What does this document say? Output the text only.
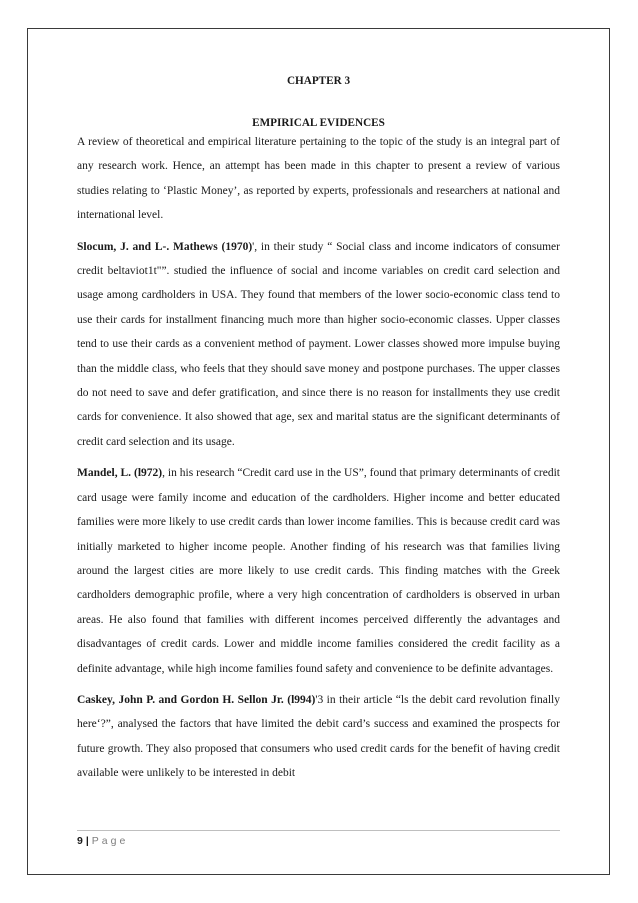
CHAPTER 3

EMPIRICAL EVIDENCES

A review of theoretical and empirical literature pertaining to the topic of the study is an integral part of any research work. Hence, an attempt has been made in this chapter to present a review of various studies relating to ‘Plastic Money’, as reported by experts, professionals and researchers at national and international level.

Slocum, J. and L-. Mathews (1970)', in their study “ Social class and income indicators of consumer credit beltaviot1t"”. studied the influence of social and income variables on credit card selection and usage among cardholders in USA. They found that members of the lower socio-economic class tend to use their cards for installment financing much more than higher socio-economic classes. Upper classes tend to use their cards as a convenient method of payment. Lower classes showed more impulse buying than the middle class, who feels that they should save money and postpone purchases. The upper classes do not need to save and defer gratification, and since there is no reason for installments they use credit cards for convenience. It also showed that age, sex and marital status are the significant determinants of credit card selection and its usage.

Mandel, L. (l972), in his research “Credit card use in the US”, found that primary determinants of credit card usage were family income and education of the cardholders. Higher income and better educated families were more likely to use credit cards than lower income families. This is because credit card was initially marketed to higher income people. Another finding of his research was that families living around the largest cities are more likely to use credit cards. This finding matches with the Greek cardholders demographic profile, where a very high concentration of cardholders is observed in urban areas. He also found that families with different incomes perceived differently the advantages and disadvantages of credit cards. Lower and middle income families considered the credit facility as a definite advantage, while high income families found safety and convenience to be definite advantages.

Caskey, John P. and Gordon H. Sellon Jr. (l994)'3 in their article “ls the debit card revolution finally here‘?”, analysed the factors that have limited the debit card’s success and examined the prospects for future growth. They also proposed that consumers who used credit cards for the benefit of having credit available were unlikely to be interested in debit

9 | Page
